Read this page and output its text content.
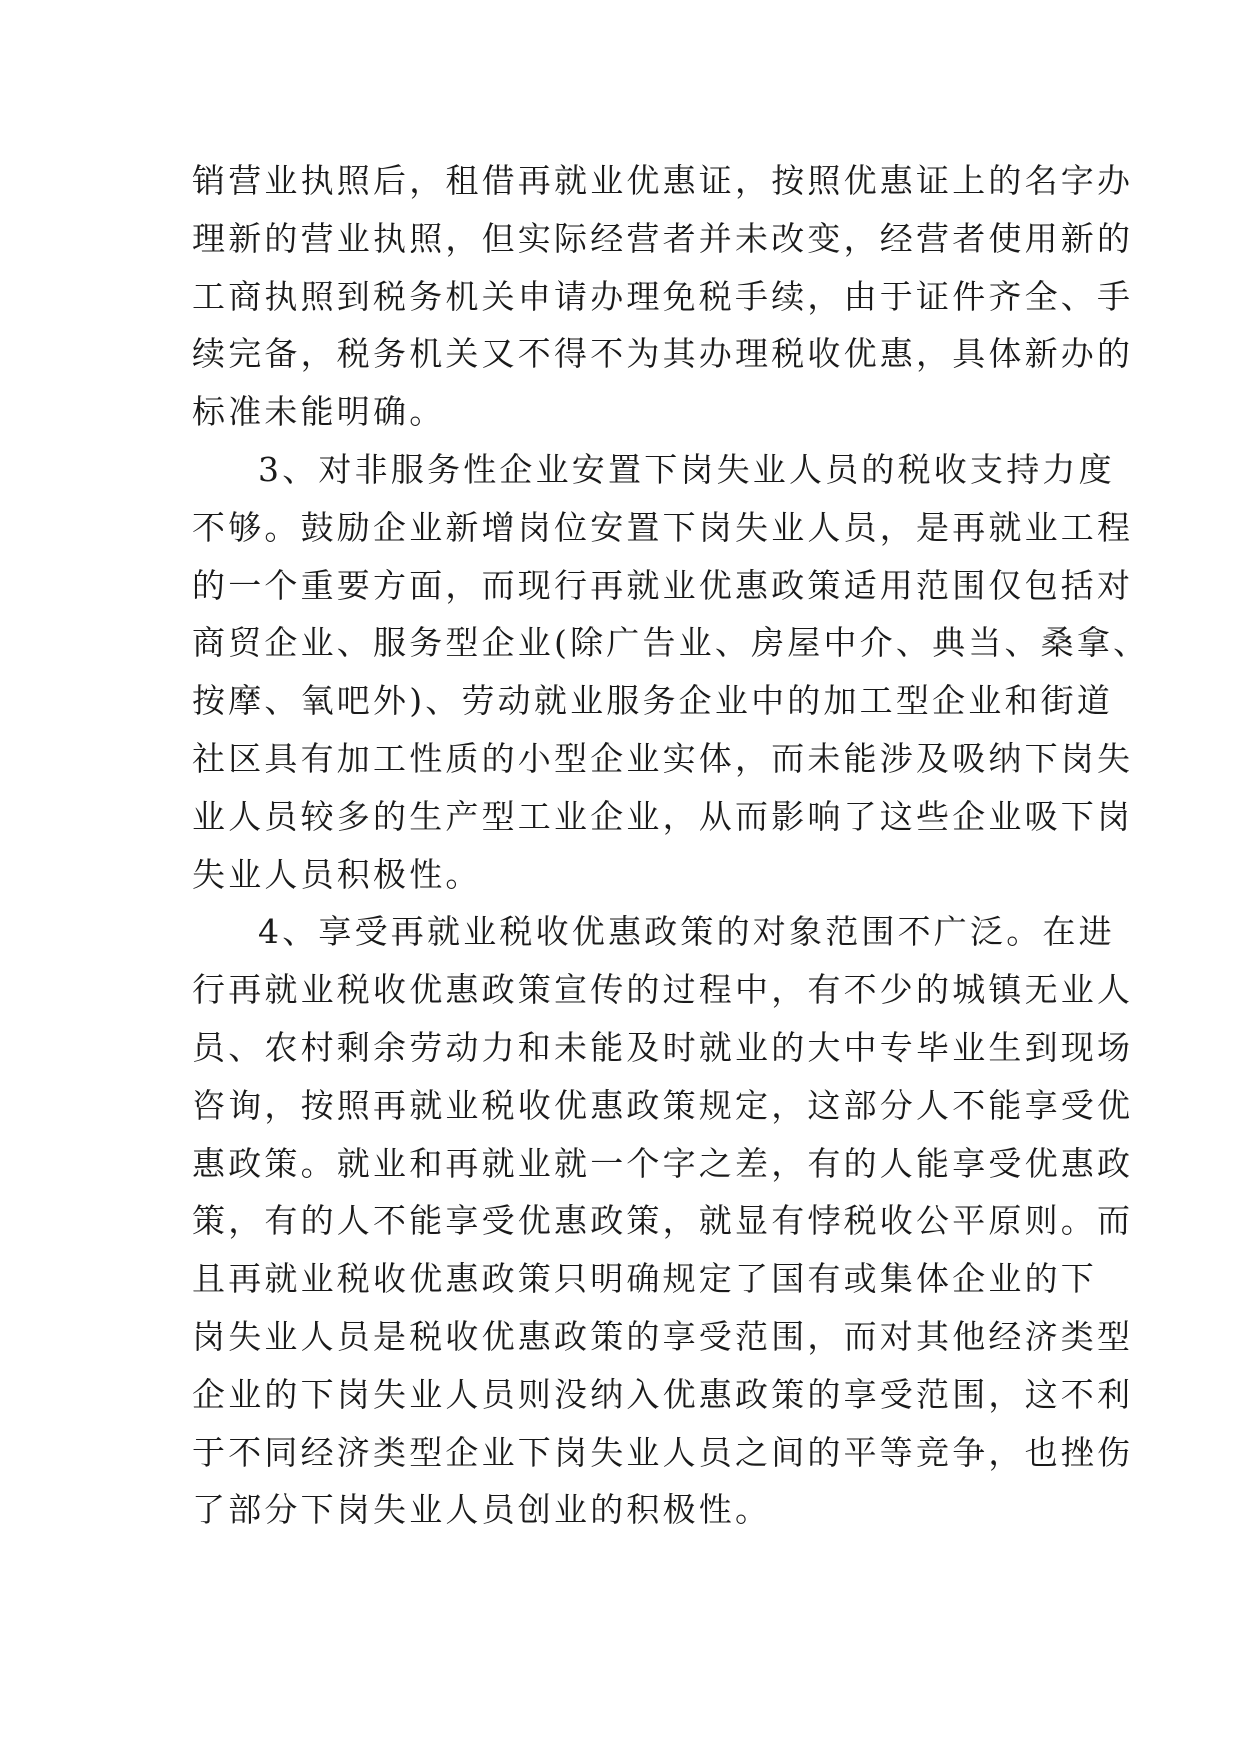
销营业执照后，租借再就业优惠证，按照优惠证上的名字办
理新的营业执照，但实际经营者并未改变，经营者使用新的
工商执照到税务机关申请办理免税手续，由于证件齐全、手
续完备，税务机关又不得不为其办理税收优惠，具体新办的
标准未能明确。
3、对非服务性企业安置下岗失业人员的税收支持力度
不够。鼓励企业新增岗位安置下岗失业人员，是再就业工程
的一个重要方面，而现行再就业优惠政策适用范围仅包括对
商贸企业、服务型企业(除广告业、房屋中介、典当、桑拿、
按摩、氧吧外)、劳动就业服务企业中的加工型企业和街道
社区具有加工性质的小型企业实体，而未能涉及吸纳下岗失
业人员较多的生产型工业企业，从而影响了这些企业吸下岗
失业人员积极性。
4、享受再就业税收优惠政策的对象范围不广泛。在进
行再就业税收优惠政策宣传的过程中，有不少的城镇无业人
员、农村剩余劳动力和未能及时就业的大中专毕业生到现场
咨询，按照再就业税收优惠政策规定，这部分人不能享受优
惠政策。就业和再就业就一个字之差，有的人能享受优惠政
策，有的人不能享受优惠政策，就显有悖税收公平原则。而
且再就业税收优惠政策只明确规定了国有或集体企业的下
岗失业人员是税收优惠政策的享受范围，而对其他经济类型
企业的下岗失业人员则没纳入优惠政策的享受范围，这不利
于不同经济类型企业下岗失业人员之间的平等竞争，也挫伤
了部分下岗失业人员创业的积极性。
